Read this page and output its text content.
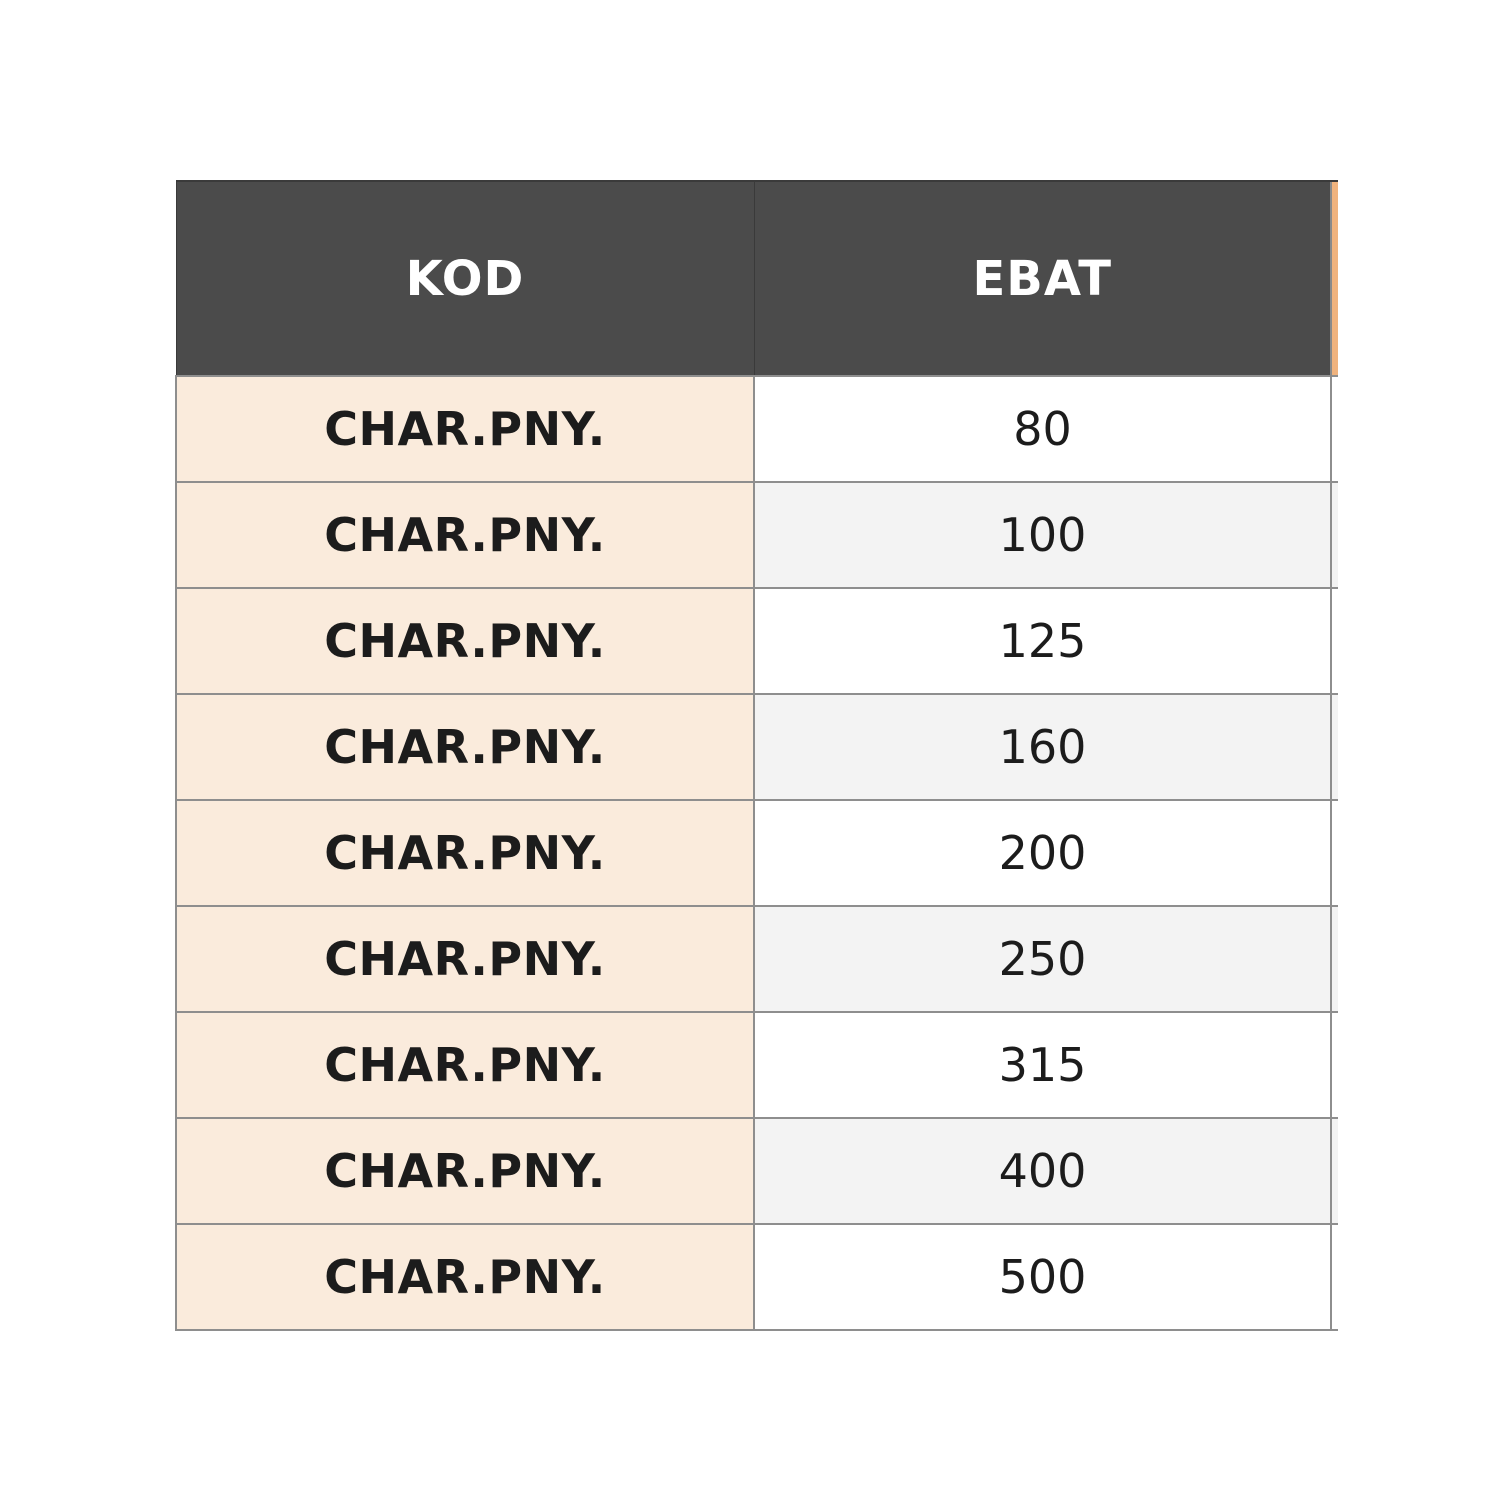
KOD	EBAT	
CHAR.PNY.	80	
CHAR.PNY.	100	
CHAR.PNY.	125	
CHAR.PNY.	160	
CHAR.PNY.	200	
CHAR.PNY.	250	
CHAR.PNY.	315	
CHAR.PNY.	400	
CHAR.PNY.	500	
